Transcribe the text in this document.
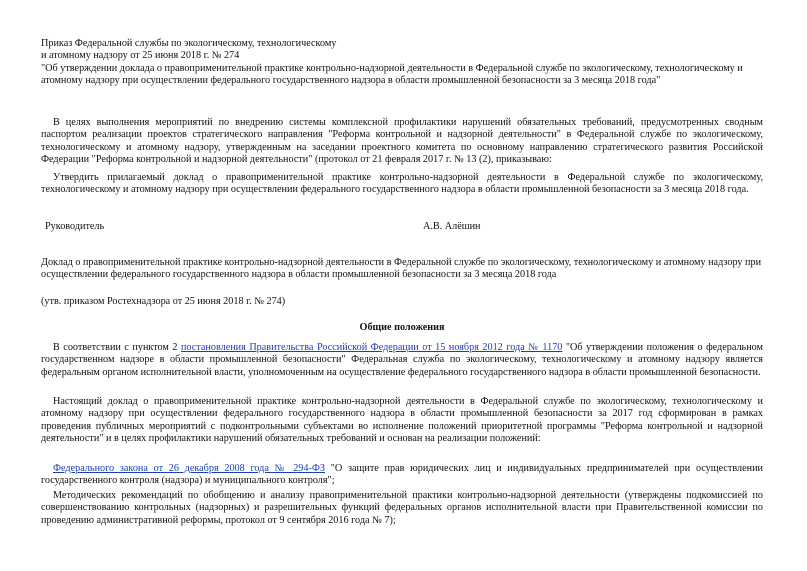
Приказ Федеральной службы по экологическому, технологическому
и атомному надзору от 25 июня 2018 г. № 274
"Об утверждении доклада о правоприменительной практике контрольно-надзорной деятельности в Федеральной службе по экологическому, технологическому и атомному надзору при осуществлении федерального государственного надзора в области промышленной безопасности за 3 месяца 2018 года"

В целях выполнения мероприятий по внедрению системы комплексной профилактики нарушений обязательных требований, предусмотренных сводным паспортом реализации проектов стратегического направления "Реформа контрольной и надзорной деятельности" в Федеральной службе по экологическому, технологическому и атомному надзору, утвержденным на заседании проектного комитета по основному направлению стратегического развития Российской Федерации "Реформа контрольной и надзорной деятельности" (протокол от 21 февраля 2017 г. № 13 (2), приказываю:

Утвердить прилагаемый доклад о правоприменительной практике контрольно-надзорной деятельности в Федеральной службе по экологическому, технологическому и атомному надзору при осуществлении федерального государственного надзора в области промышленной безопасности за 3 месяца 2018 года.

Руководитель	А.В. Алёшин

Доклад о правоприменительной практике контрольно-надзорной деятельности в Федеральной службе по экологическому, технологическому и атомному надзору при осуществлении федерального государственного надзора в области промышленной безопасности за 3 месяца 2018 года

(утв. приказом Ростехнадзора от 25 июня 2018 г. № 274)

Общие положения

В соответствии с пунктом 2 постановления Правительства Российской Федерации от 15 ноября 2012 года № 1170 "Об утверждении положения о федеральном государственном надзоре в области промышленной безопасности" Федеральная служба по экологическому, технологическому и атомному надзору является федеральным органом исполнительной власти, уполномоченным на осуществление федерального государственного надзора в области промышленной безопасности.

Настоящий доклад о правоприменительной практике контрольно-надзорной деятельности в Федеральной службе по экологическому, технологическому и атомному надзору при осуществлении федерального государственного надзора в области промышленной безопасности за 2017 год сформирован в рамках проведения публичных мероприятий с подконтрольными субъектами во исполнение положений приоритетной программы "Реформа контрольной и надзорной деятельности" и в целях профилактики нарушений обязательных требований и основан на реализации положений:

Федерального закона от 26 декабря 2008 года № 294-ФЗ "О защите прав юридических лиц и индивидуальных предпринимателей при осуществлении государственного контроля (надзора) и муниципального контроля";

Методических рекомендаций по обобщению и анализу правоприменительной практики контрольно-надзорной деятельности (утверждены подкомиссией по совершенствованию контрольных (надзорных) и разрешительных функций федеральных органов исполнительной власти при Правительственной комиссии по проведению административной реформы, протокол от 9 сентября 2016 года № 7);
